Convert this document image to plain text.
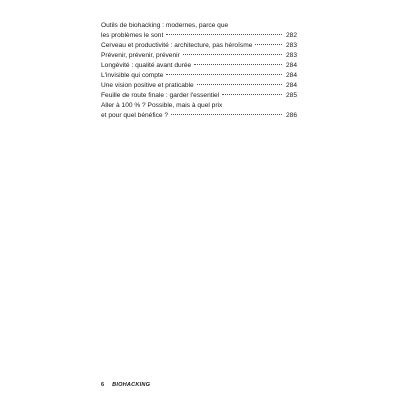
Outils de biohacking : modernes, parce que
les problèmes le sont	282
Cerveau et productivité : architecture, pas héroïsme	283
Prévenir, prévenir, prévenir	283
Longévité : qualité avant durée	284
L'invisible qui compte	284
Une vision positive et praticable	284
Feuille de route finale : garder l'essentiel	285
Aller à 100 % ? Possible, mais à quel prix
et pour quel bénéfice ?	286
6 BIOHACKING
